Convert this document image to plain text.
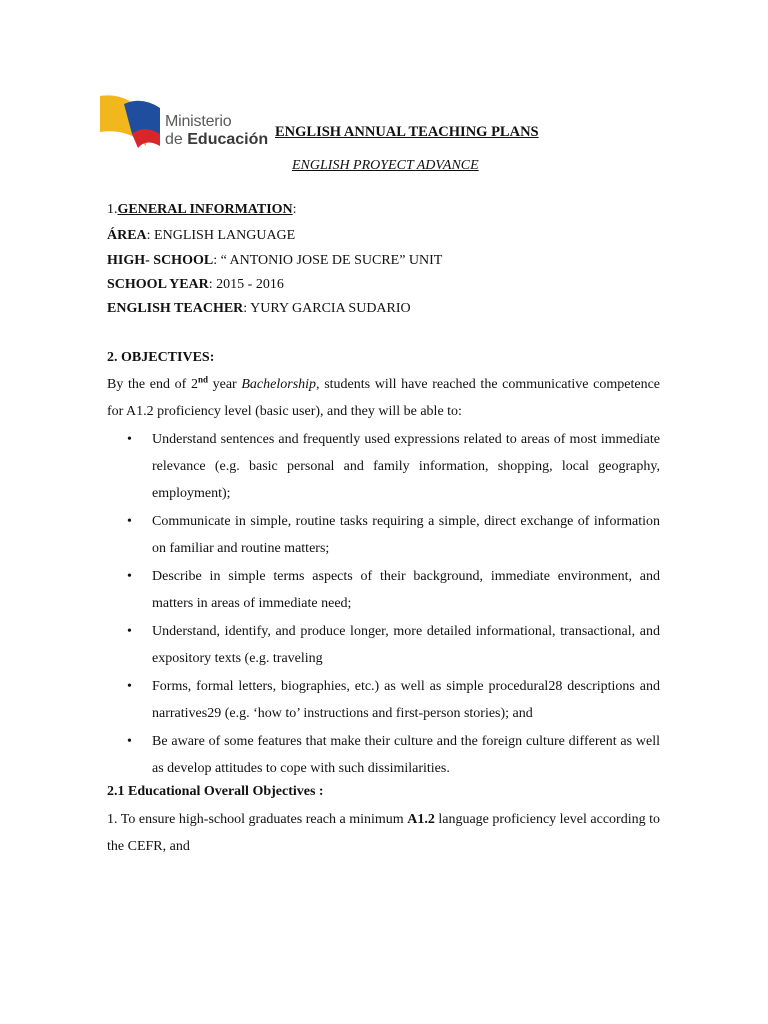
Ministerio
de Educación ENGLISH ANNUAL TEACHING PLANS
ENGLISH PROYECT ADVANCE
1.GENERAL INFORMATION:
ÁREA: ENGLISH LANGUAGE
HIGH- SCHOOL: “ ANTONIO JOSE DE SUCRE” UNIT
SCHOOL YEAR: 2015 - 2016
ENGLISH TEACHER: YURY GARCIA SUDARIO
2. OBJECTIVES:
By the end of 2nd year Bachelorship, students will have reached the communicative competence for A1.2 proficiency level (basic user), and they will be able to:
• Understand sentences and frequently used expressions related to areas of most immediate relevance (e.g. basic personal and family information, shopping, local geography, employment);
• Communicate in simple, routine tasks requiring a simple, direct exchange of information on familiar and routine matters;
• Describe in simple terms aspects of their background, immediate environment, and matters in areas of immediate need;
• Understand, identify, and produce longer, more detailed informational, transactional, and expository texts (e.g. traveling
• Forms, formal letters, biographies, etc.) as well as simple procedural28 descriptions and narratives29 (e.g. ‘how to’ instructions and first-person stories); and
• Be aware of some features that make their culture and the foreign culture different as well as develop attitudes to cope with such dissimilarities.
2.1 Educational Overall Objectives :
1. To ensure high-school graduates reach a minimum A1.2 language proficiency level according to the CEFR, and
